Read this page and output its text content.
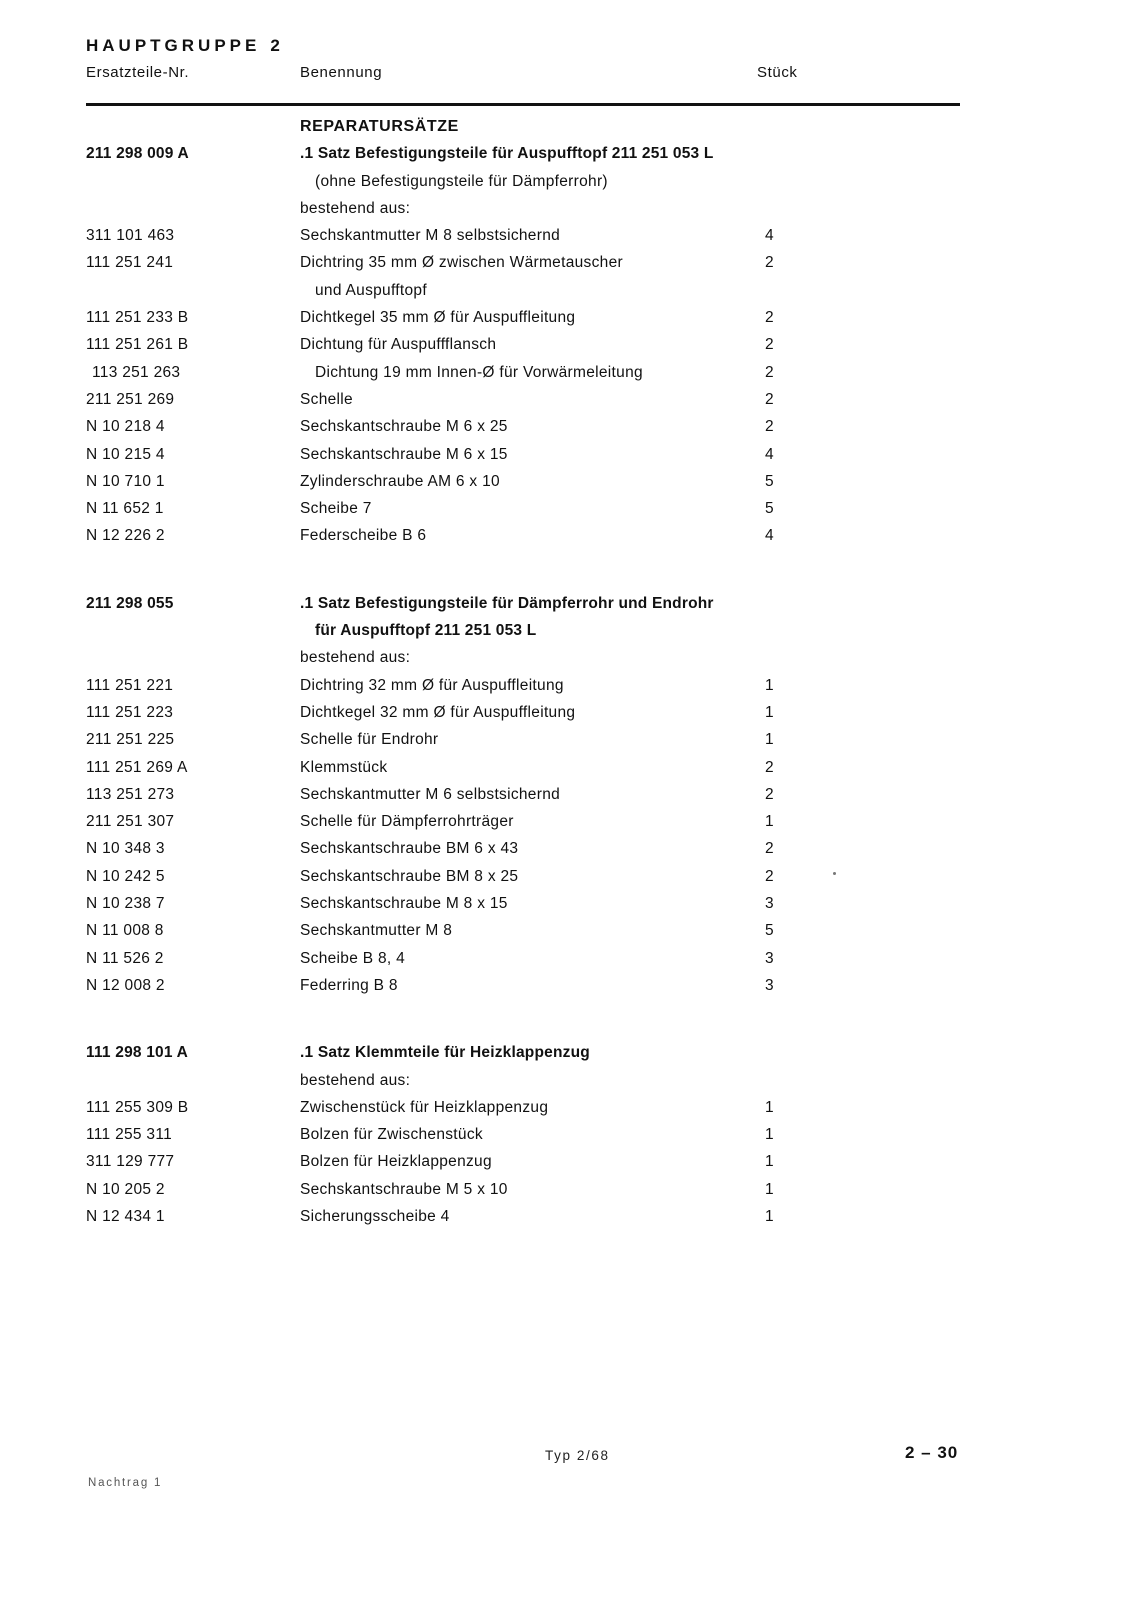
HAUPTGRUPPE 2
Ersatzteile-Nr.	Benennung	Stück
REPARATURSÄTZE
211 298 009 A	.1 Satz Befestigungsteile für Auspufftopf 211 251 053 L
(ohne Befestigungsteile für Dämpferrohr)
bestehend aus:
311 101 463	Sechskantmutter M 8 selbstsichernd	4
111 251 241	Dichtring 35 mm Ø zwischen Wärmetauscher	2
und Auspufftopf
111 251 233 B	Dichtkegel 35 mm Ø für Auspuffleitung	2
111 251 261 B	Dichtung für Auspuffflansch	2
113 251 263	Dichtung 19 mm Innen-Ø für Vorwärmeleitung	2
211 251 269	Schelle	2
N 10 218 4	Sechskantschraube M 6 x 25	2
N 10 215 4	Sechskantschraube M 6 x 15	4
N 10 710 1	Zylinderschraube AM 6 x 10	5
N 11 652 1	Scheibe 7	5
N 12 226 2	Federscheibe B 6	4
211 298 055	.1 Satz Befestigungsteile für Dämpferrohr und Endrohr
für Auspufftopf 211 251 053 L
bestehend aus:
111 251 221	Dichtring 32 mm Ø für Auspuffleitung	1
111 251 223	Dichtkegel 32 mm Ø für Auspuffleitung	1
211 251 225	Schelle für Endrohr	1
111 251 269 A	Klemmstück	2
113 251 273	Sechskantmutter M 6 selbstsichernd	2
211 251 307	Schelle für Dämpferrohrträger	1
N 10 348 3	Sechskantschraube BM 6 x 43	2
N 10 242 5	Sechskantschraube BM 8 x 25	2
N 10 238 7	Sechskantschraube M 8 x 15	3
N 11 008 8	Sechskantmutter M 8	5
N 11 526 2	Scheibe B 8, 4	3
N 12 008 2	Federring B 8	3
111 298 101 A	.1 Satz Klemmteile für Heizklappenzug
bestehend aus:
111 255 309 B	Zwischenstück für Heizklappenzug	1
111 255 311	Bolzen für Zwischenstück	1
311 129 777	Bolzen für Heizklappenzug	1
N 10 205 2	Sechskantschraube M 5 x 10	1
N 12 434 1	Sicherungsscheibe 4	1
Typ 2/68	2 – 30
Nachtrag 1
